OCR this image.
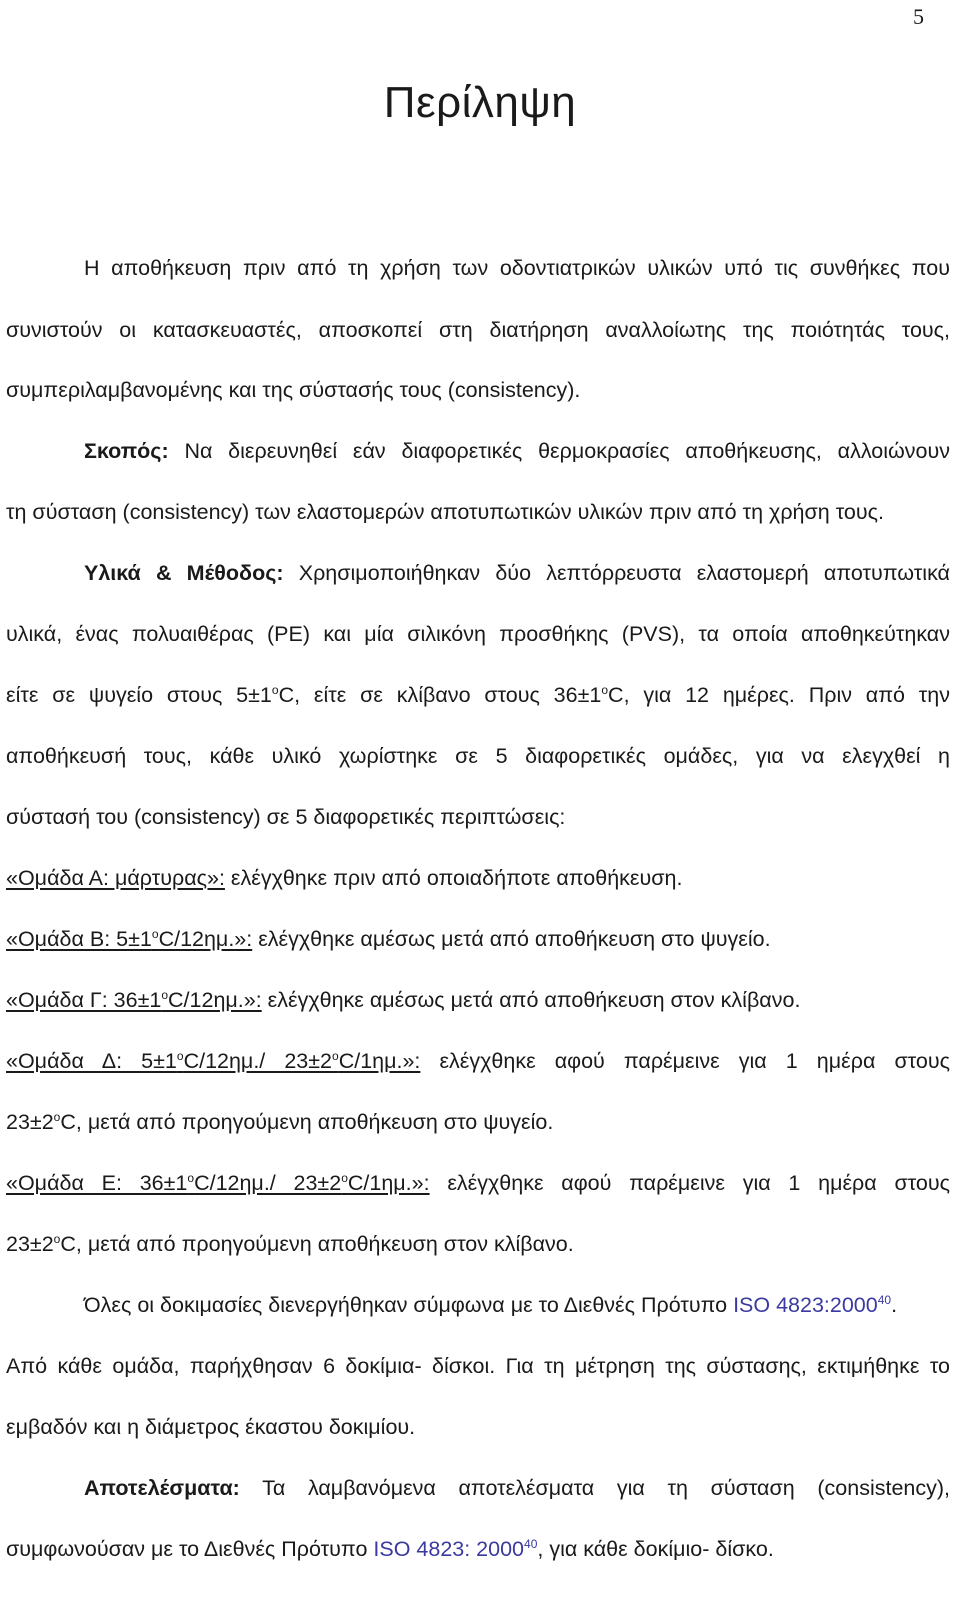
5
Περίληψη
Η αποθήκευση πριν από τη χρήση των οδοντιατρικών υλικών υπό τις συνθήκες που
συνιστούν οι κατασκευαστές, αποσκοπεί στη διατήρηση αναλλοίωτης της ποιότητάς τους,
συμπεριλαμβανομένης και της σύστασής τους (consistency).
Σκοπός: Να διερευνηθεί εάν διαφορετικές θερμοκρασίες αποθήκευσης, αλλοιώνουν
τη σύσταση (consistency) των ελαστομερών αποτυπωτικών υλικών πριν από τη χρήση τους.
Υλικά & Μέθοδος: Χρησιμοποιήθηκαν δύο λεπτόρρευστα ελαστομερή αποτυπωτικά
υλικά, ένας πολυαιθέρας (PE) και μία σιλικόνη προσθήκης (PVS), τα οποία αποθηκεύτηκαν
είτε σε ψυγείο στους $5\pm 1^oC$, είτε σε κλίβανο στους $36\pm 1^oC$, για 12 ημέρες. Πριν από την
αποθήκευσή τους, κάθε υλικό χωρίστηκε σε 5 διαφορετικές ομάδες, για να ελεγχθεί η
σύστασή του (consistency) σε 5 διαφορετικές περιπτώσεις:
«Ομάδα Α: μάρτυρας»: ελέγχθηκε πριν από οποιαδήποτε αποθήκευση.
«Ομάδα Β: $5\pm 1^oC/12\eta\mu$.»: ελέγχθηκε αμέσως μετά από αποθήκευση στο ψυγείο.
«Ομάδα Γ: $36\pm 1^oC/12\eta\mu$.»: ελέγχθηκε αμέσως μετά από αποθήκευση στον κλίβανο.
«Ομάδα Δ: $5\pm 1^oC/12\eta\mu./$ $23\pm 2^oC/1\eta\mu$.»: ελέγχθηκε αφού παρέμεινε για 1 ημέρα στους
$23\pm 2^oC$, μετά από προηγούμενη αποθήκευση στο ψυγείο.
«Ομάδα Ε: $36\pm 1^oC/12\eta\mu./$ $23\pm 2^oC/1\eta\mu$.»: ελέγχθηκε αφού παρέμεινε για 1 ημέρα στους
$23\pm 2^oC$, μετά από προηγούμενη αποθήκευση στον κλίβανο.
Όλες οι δοκιμασίες διενεργήθηκαν σύμφωνα με το Διεθνές Πρότυπο ISO 4823:2000$^{40}$.
Από κάθε ομάδα, παρήχθησαν 6 δοκίμια- δίσκοι. Για τη μέτρηση της σύστασης, εκτιμήθηκε το
εμβαδόν και η διάμετρος έκαστου δοκιμίου.
Αποτελέσματα: Τα λαμβανόμενα αποτελέσματα για τη σύσταση (consistency),
συμφωνούσαν με το Διεθνές Πρότυπο ISO 4823: 2000$^{40}$, για κάθε δοκίμιο- δίσκο.
